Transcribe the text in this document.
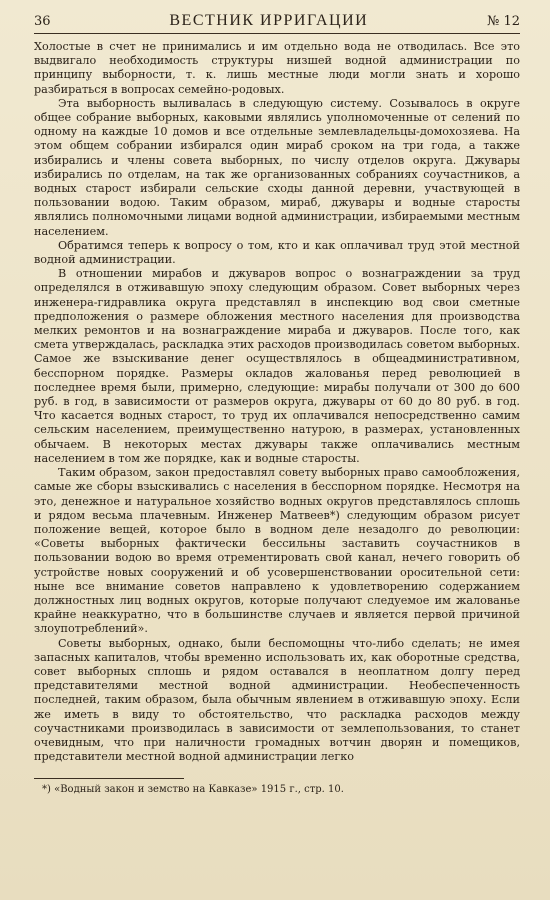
36	ВЕСТНИК ИРРИГАЦИИ	№ 12

Холостые в счет не принимались и им отдельно вода не отводилась. Все это выдвигало необходимость структуры низшей водной администрации по принципу выборности, т. к. лишь местные люди могли знать и хорошо разбираться в вопросах семейно-родовых.

Эта выборность выливалась в следующую систему. Созывалось в округе общее собрание выборных, каковыми являлись уполномоченные от селений по одному на каждые 10 домов и все отдельные землевладельцы-домохозяева. На этом общем собрании избирался один мираб сроком на три года, а также избирались и члены совета выборных, по числу отделов округа. Джувары избирались по отделам, на так же организованных собраниях соучастников, а водных старост избирали сельские сходы данной деревни, участвующей в пользовании водою. Таким образом, мираб, джувары и водные старосты являлись полномочными лицами водной администрации, избираемыми местным населением.

Обратимся теперь к вопросу о том, кто и как оплачивал труд этой местной водной администрации.

В отношении мирабов и джуваров вопрос о вознаграждении за труд определялся в отживавшую эпоху следующим образом. Совет выборных через инженера-гидравлика округа представлял в инспекцию вод свои сметные предположения о размере обложения местного населения для производства мелких ремонтов и на вознаграждение мираба и джуваров. После того, как смета утверждалась, раскладка этих расходов производилась советом выборных. Самое же взыскивание денег осуществлялось в общеадминистративном, бесспорном порядке. Размеры окладов жалованья перед революцией в последнее время были, примерно, следующие: мирабы получали от 300 до 600 руб. в год, в зависимости от размеров округа, джувары от 60 до 80 руб. в год. Что касается водных старост, то труд их оплачивался непосредственно самим сельским населением, преимущественно натурою, в размерах, установленных обычаем. В некоторых местах джувары также оплачивались местным населением в том же порядке, как и водные старосты.

Таким образом, закон предоставлял совету выборных право самообложения, самые же сборы взыскивались с населения в бесспорном порядке. Несмотря на это, денежное и натуральное хозяйство водных округов представлялось сплошь и рядом весьма плачевным. Инженер Матвеев*) следующим образом рисует положение вещей, которое было в водном деле незадолго до революции: «Советы выборных фактически бессильны заставить соучастников в пользовании водою во время отрементировать свой канал, нечего говорить об устройстве новых сооружений и об усовершенствовании оросительной сети: ныне все внимание советов направлено к удовлетворению содержанием должностных лиц водных округов, которые получают следуемое им жалованье крайне неаккуратно, что в большинстве случаев и является первой причиной злоупотреблений».

Советы выборных, однако, были беспомощны что-либо сделать; не имея запасных капиталов, чтобы временно использовать их, как оборотные средства, совет выборных сплошь и рядом оставался в неоплатном долгу перед представителями местной водной администрации. Необеспеченность последней, таким образом, была обычным явлением в отживавшую эпоху. Если же иметь в виду то обстоятельство, что раскладка расходов между соучастниками производилась в зависимости от землепользования, то станет очевидным, что при наличности громадных вотчин дворян и помещиков, представители местной водной администрации легко

*) «Водный закон и земство на Кавказе» 1915 г., стр. 10.
